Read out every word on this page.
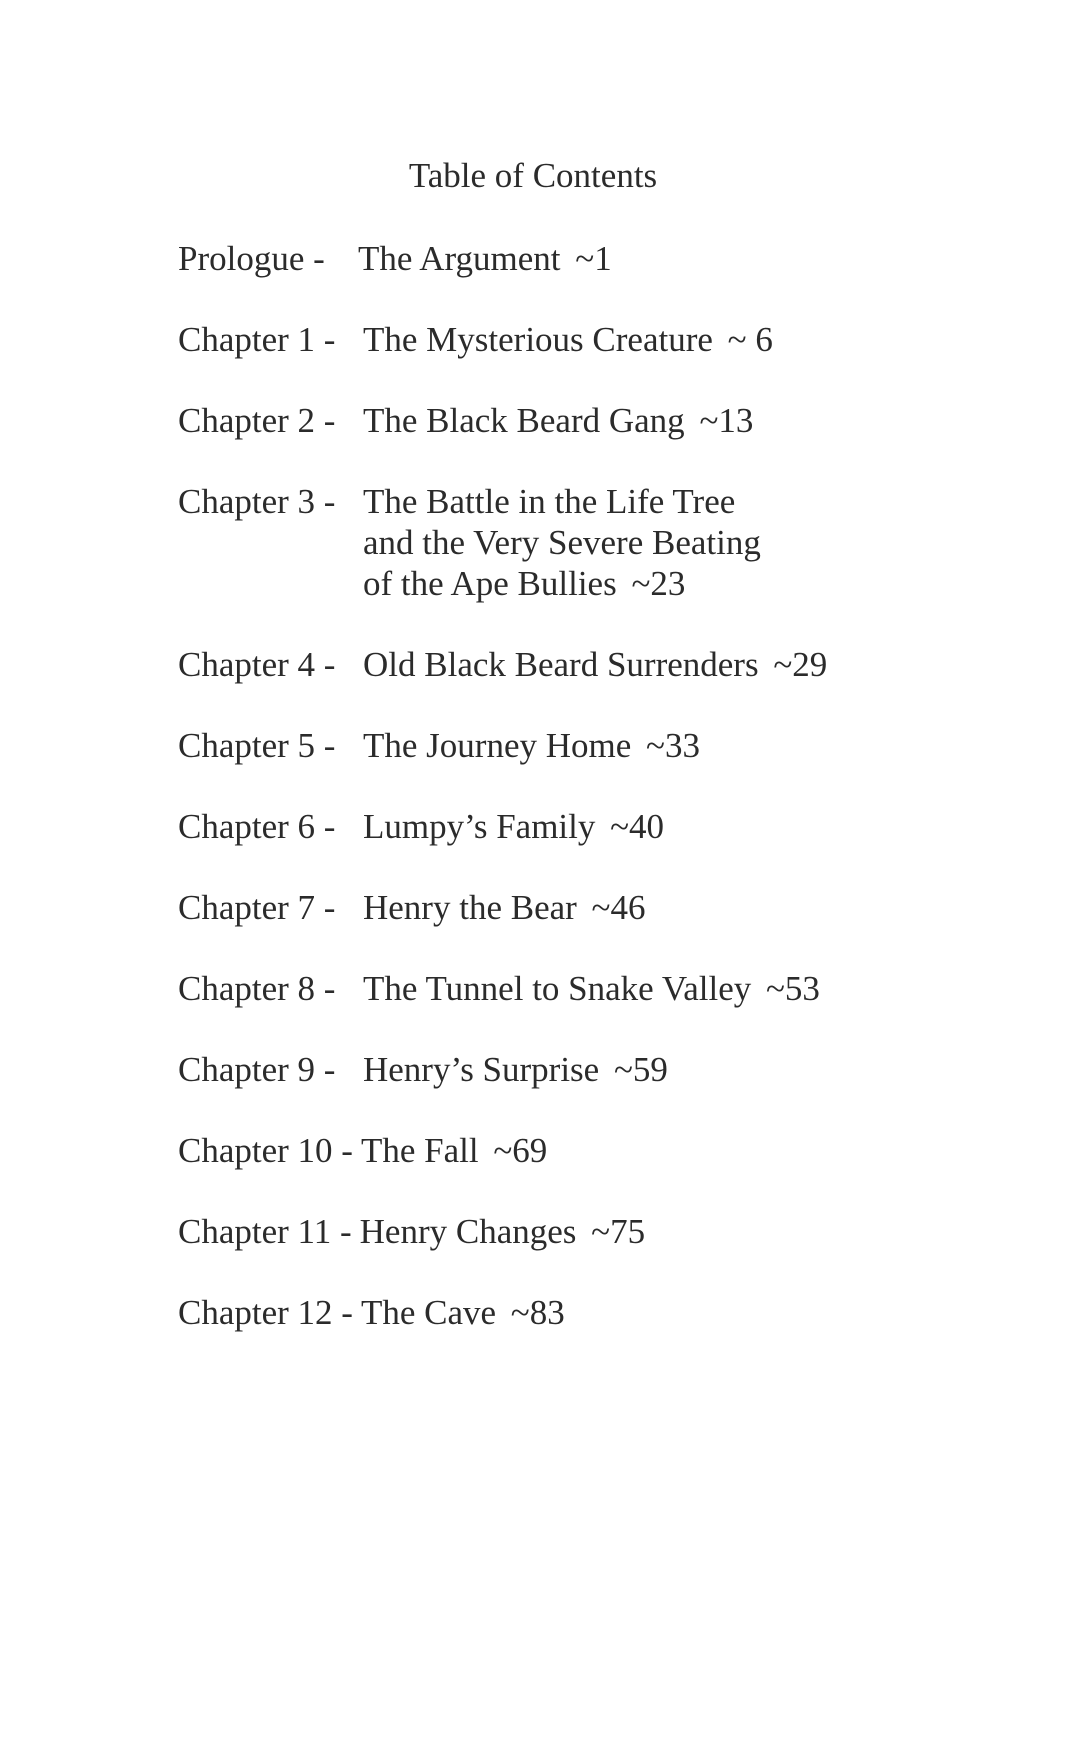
Table of Contents
Prologue - The Argument ~1
Chapter 1 - The Mysterious Creature ~ 6
Chapter 2 - The Black Beard Gang ~13
Chapter 3 - The Battle in the Life Tree
and the Very Severe Beating
of the Ape Bullies ~23
Chapter 4 - Old Black Beard Surrenders ~29
Chapter 5 - The Journey Home ~33
Chapter 6 - Lumpy’s Family ~40
Chapter 7 - Henry the Bear ~46
Chapter 8 - The Tunnel to Snake Valley ~53
Chapter 9 - Henry’s Surprise ~59
Chapter 10 - The Fall ~69
Chapter 11 - Henry Changes ~75
Chapter 12 - The Cave ~83
